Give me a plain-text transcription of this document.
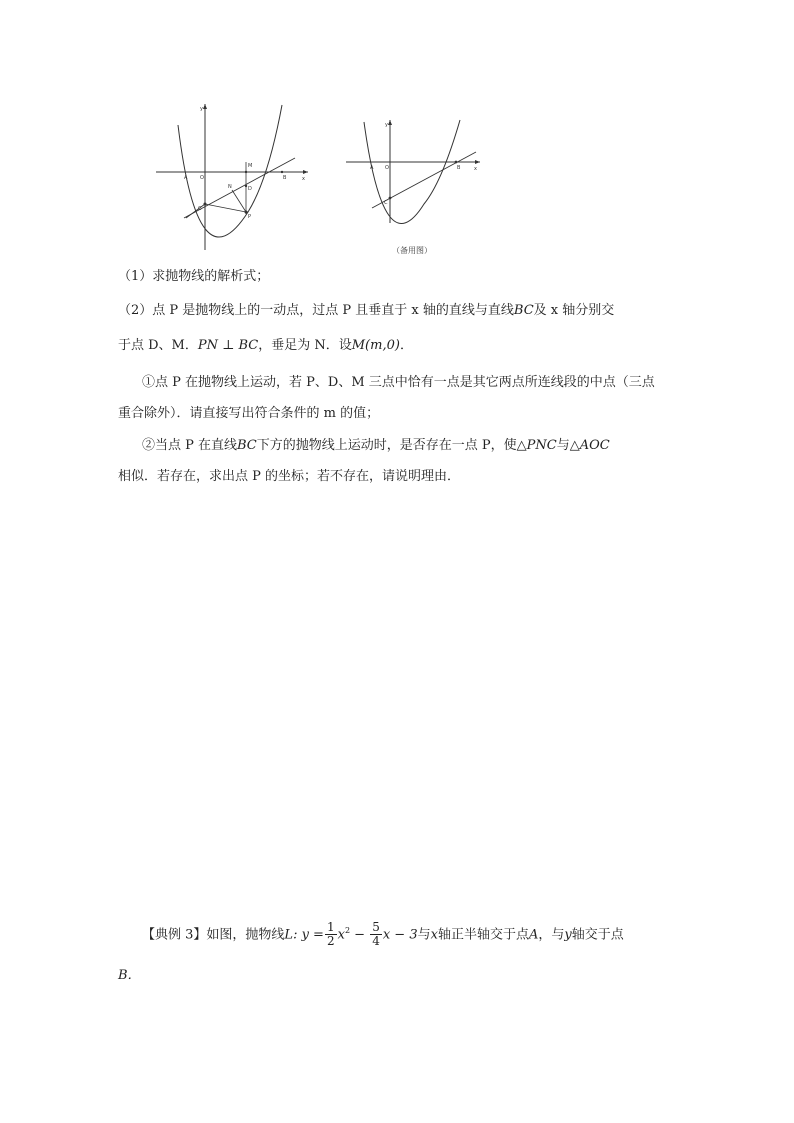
y
O
A	B
C
M
D
N
P
x
y
O
A	B
C
x
（备用图）
（1）求抛物线的解析式；
（2）点 P 是抛物线上的一动点，过点 P 且垂直于 x 轴的直线与直线BC及 x 轴分别交
于点 D、M．PN ⊥ BC，垂足为 N．设M(m,0)．
①点 P 在抛物线上运动，若 P、D、M 三点中恰有一点是其它两点所连线段的中点（三点
重合除外）．请直接写出符合条件的 m 的值；
②当点 P 在直线BC下方的抛物线上运动时，是否存在一点 P，使△PNC与△AOC
相似．若存在，求出点 P 的坐标；若不存在，请说明理由．
【典例 3】如图，抛物线L: $y = \frac{1}{2} x^2 - \frac{5}{4}$ x − 3与x轴正半轴交于点A，与y轴交于点
B．
